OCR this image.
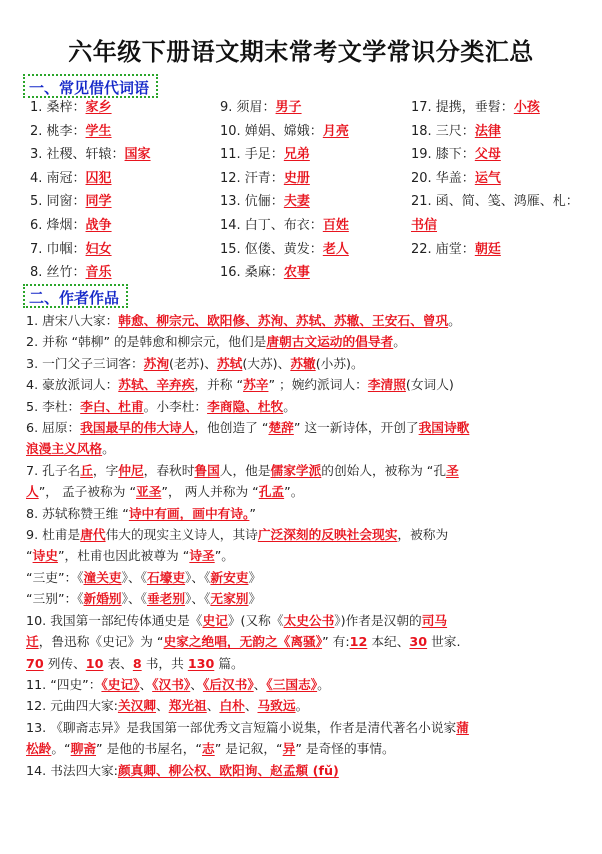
六年级下册语文期末常考文学常识分类汇总
一、常见借代词语
1. 桑梓：家乡
2. 桃李：学生
3. 社稷、轩辕：国家
4. 南冠：囚犯
5. 同窗：同学
6. 烽烟：战争
7. 巾帼：妇女
8. 丝竹：音乐
9. 须眉：男子
10. 婵娟、嫦娥：月亮
11. 手足：兄弟
12. 汗青：史册
13. 伉俪：夫妻
14. 白丁、布衣：百姓
15. 伛偻、黄发：老人
16. 桑麻：农事
17. 提携，垂髫：小孩
18. 三尺：法律
19. 膝下：父母
20. 华盖：运气
21. 函、简、笺、鸿雁、札：书信
22. 庙堂：朝廷
二、作者作品
1. 唐宋八大家：韩愈、柳宗元、欧阳修、苏洵、苏轼、苏辙、王安石、曾巩。
2. 并称 “韩柳” 的是韩愈和柳宗元，他们是唐朝古文运动的倡导者。
3. 一门父子三词客：苏洵(老苏)、苏轼(大苏)、苏辙(小苏)。
4. 豪放派词人：苏轼、辛弃疾，并称 “苏辛” ；婉约派词人：李清照(女词人)
5. 李杜：李白、杜甫。小李杜：李商隐、杜牧。
6. 屈原：我国最早的伟大诗人，他创造了 “楚辞” 这一新诗体，开创了我国诗歌
浪漫主义风格。
7. 孔子名丘，字仲尼，春秋时鲁国人，他是儒家学派的创始人，被称为 “孔圣
人”， 孟子被称为 “亚圣”， 两人并称为 “孔孟”。
8. 苏轼称赞王维 “诗中有画，画中有诗。”
9. 杜甫是唐代伟大的现实主义诗人，其诗广泛深刻的反映社会现实，被称为
“诗史”，杜甫也因此被尊为 “诗圣”。
“三吏”：《潼关吏》、《石壕吏》、《新安吏》
“三别”：《新婚别》、《垂老别》、《无家别》
10. 我国第一部纪传体通史是《史记》(又称《太史公书》)作者是汉朝的司马
迁，鲁迅称《史记》为 “史家之绝唱，无韵之《离骚》” 有:12 本纪、30 世家.
70 列传、10 表、8 书，共 130 篇。
11. “四史”：《史记》、《汉书》、《后汉书》、《三国志》。
12. 元曲四大家:关汉卿、郑光祖、白朴、马致远。
13. 《聊斋志异》是我国第一部优秀文言短篇小说集，作者是清代著名小说家蒲
松龄。“聊斋” 是他的书屋名，“志” 是记叙，“异” 是奇怪的事情。
14. 书法四大家:颜真卿、柳公权、欧阳询、赵孟頫 (fǔ)
